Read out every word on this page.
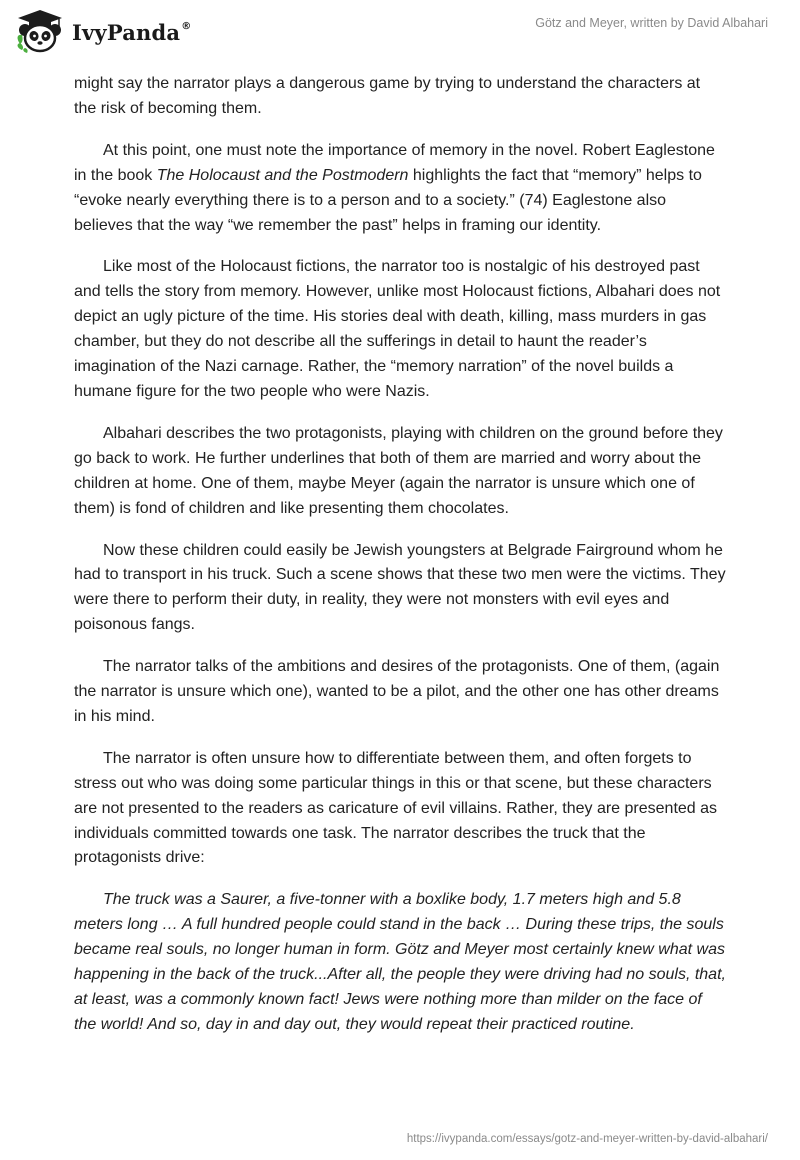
IvyPanda®	Götz and Meyer, written by David Albahari

might say the narrator plays a dangerous game by trying to understand the characters at the risk of becoming them.

At this point, one must note the importance of memory in the novel. Robert Eaglestone in the book The Holocaust and the Postmodern highlights the fact that “memory” helps to “evoke nearly everything there is to a person and to a society.” (74) Eaglestone also believes that the way “we remember the past” helps in framing our identity.

Like most of the Holocaust fictions, the narrator too is nostalgic of his destroyed past and tells the story from memory. However, unlike most Holocaust fictions, Albahari does not depict an ugly picture of the time. His stories deal with death, killing, mass murders in gas chamber, but they do not describe all the sufferings in detail to haunt the reader’s imagination of the Nazi carnage. Rather, the “memory narration” of the novel builds a humane figure for the two people who were Nazis.

Albahari describes the two protagonists, playing with children on the ground before they go back to work. He further underlines that both of them are married and worry about the children at home. One of them, maybe Meyer (again the narrator is unsure which one of them) is fond of children and like presenting them chocolates.

Now these children could easily be Jewish youngsters at Belgrade Fairground whom he had to transport in his truck. Such a scene shows that these two men were the victims. They were there to perform their duty, in reality, they were not monsters with evil eyes and poisonous fangs.

The narrator talks of the ambitions and desires of the protagonists. One of them, (again the narrator is unsure which one), wanted to be a pilot, and the other one has other dreams in his mind.

The narrator is often unsure how to differentiate between them, and often forgets to stress out who was doing some particular things in this or that scene, but these characters are not presented to the readers as caricature of evil villains. Rather, they are presented as individuals committed towards one task. The narrator describes the truck that the protagonists drive:

The truck was a Saurer, a five-tonner with a boxlike body, 1.7 meters high and 5.8 meters long … A full hundred people could stand in the back … During these trips, the souls became real souls, no longer human in form. Götz and Meyer most certainly knew what was happening in the back of the truck...After all, the people they were driving had no souls, that, at least, was a commonly known fact! Jews were nothing more than milder on the face of the world! And so, day in and day out, they would repeat their practiced routine.

https://ivypanda.com/essays/gotz-and-meyer-written-by-david-albahari/
